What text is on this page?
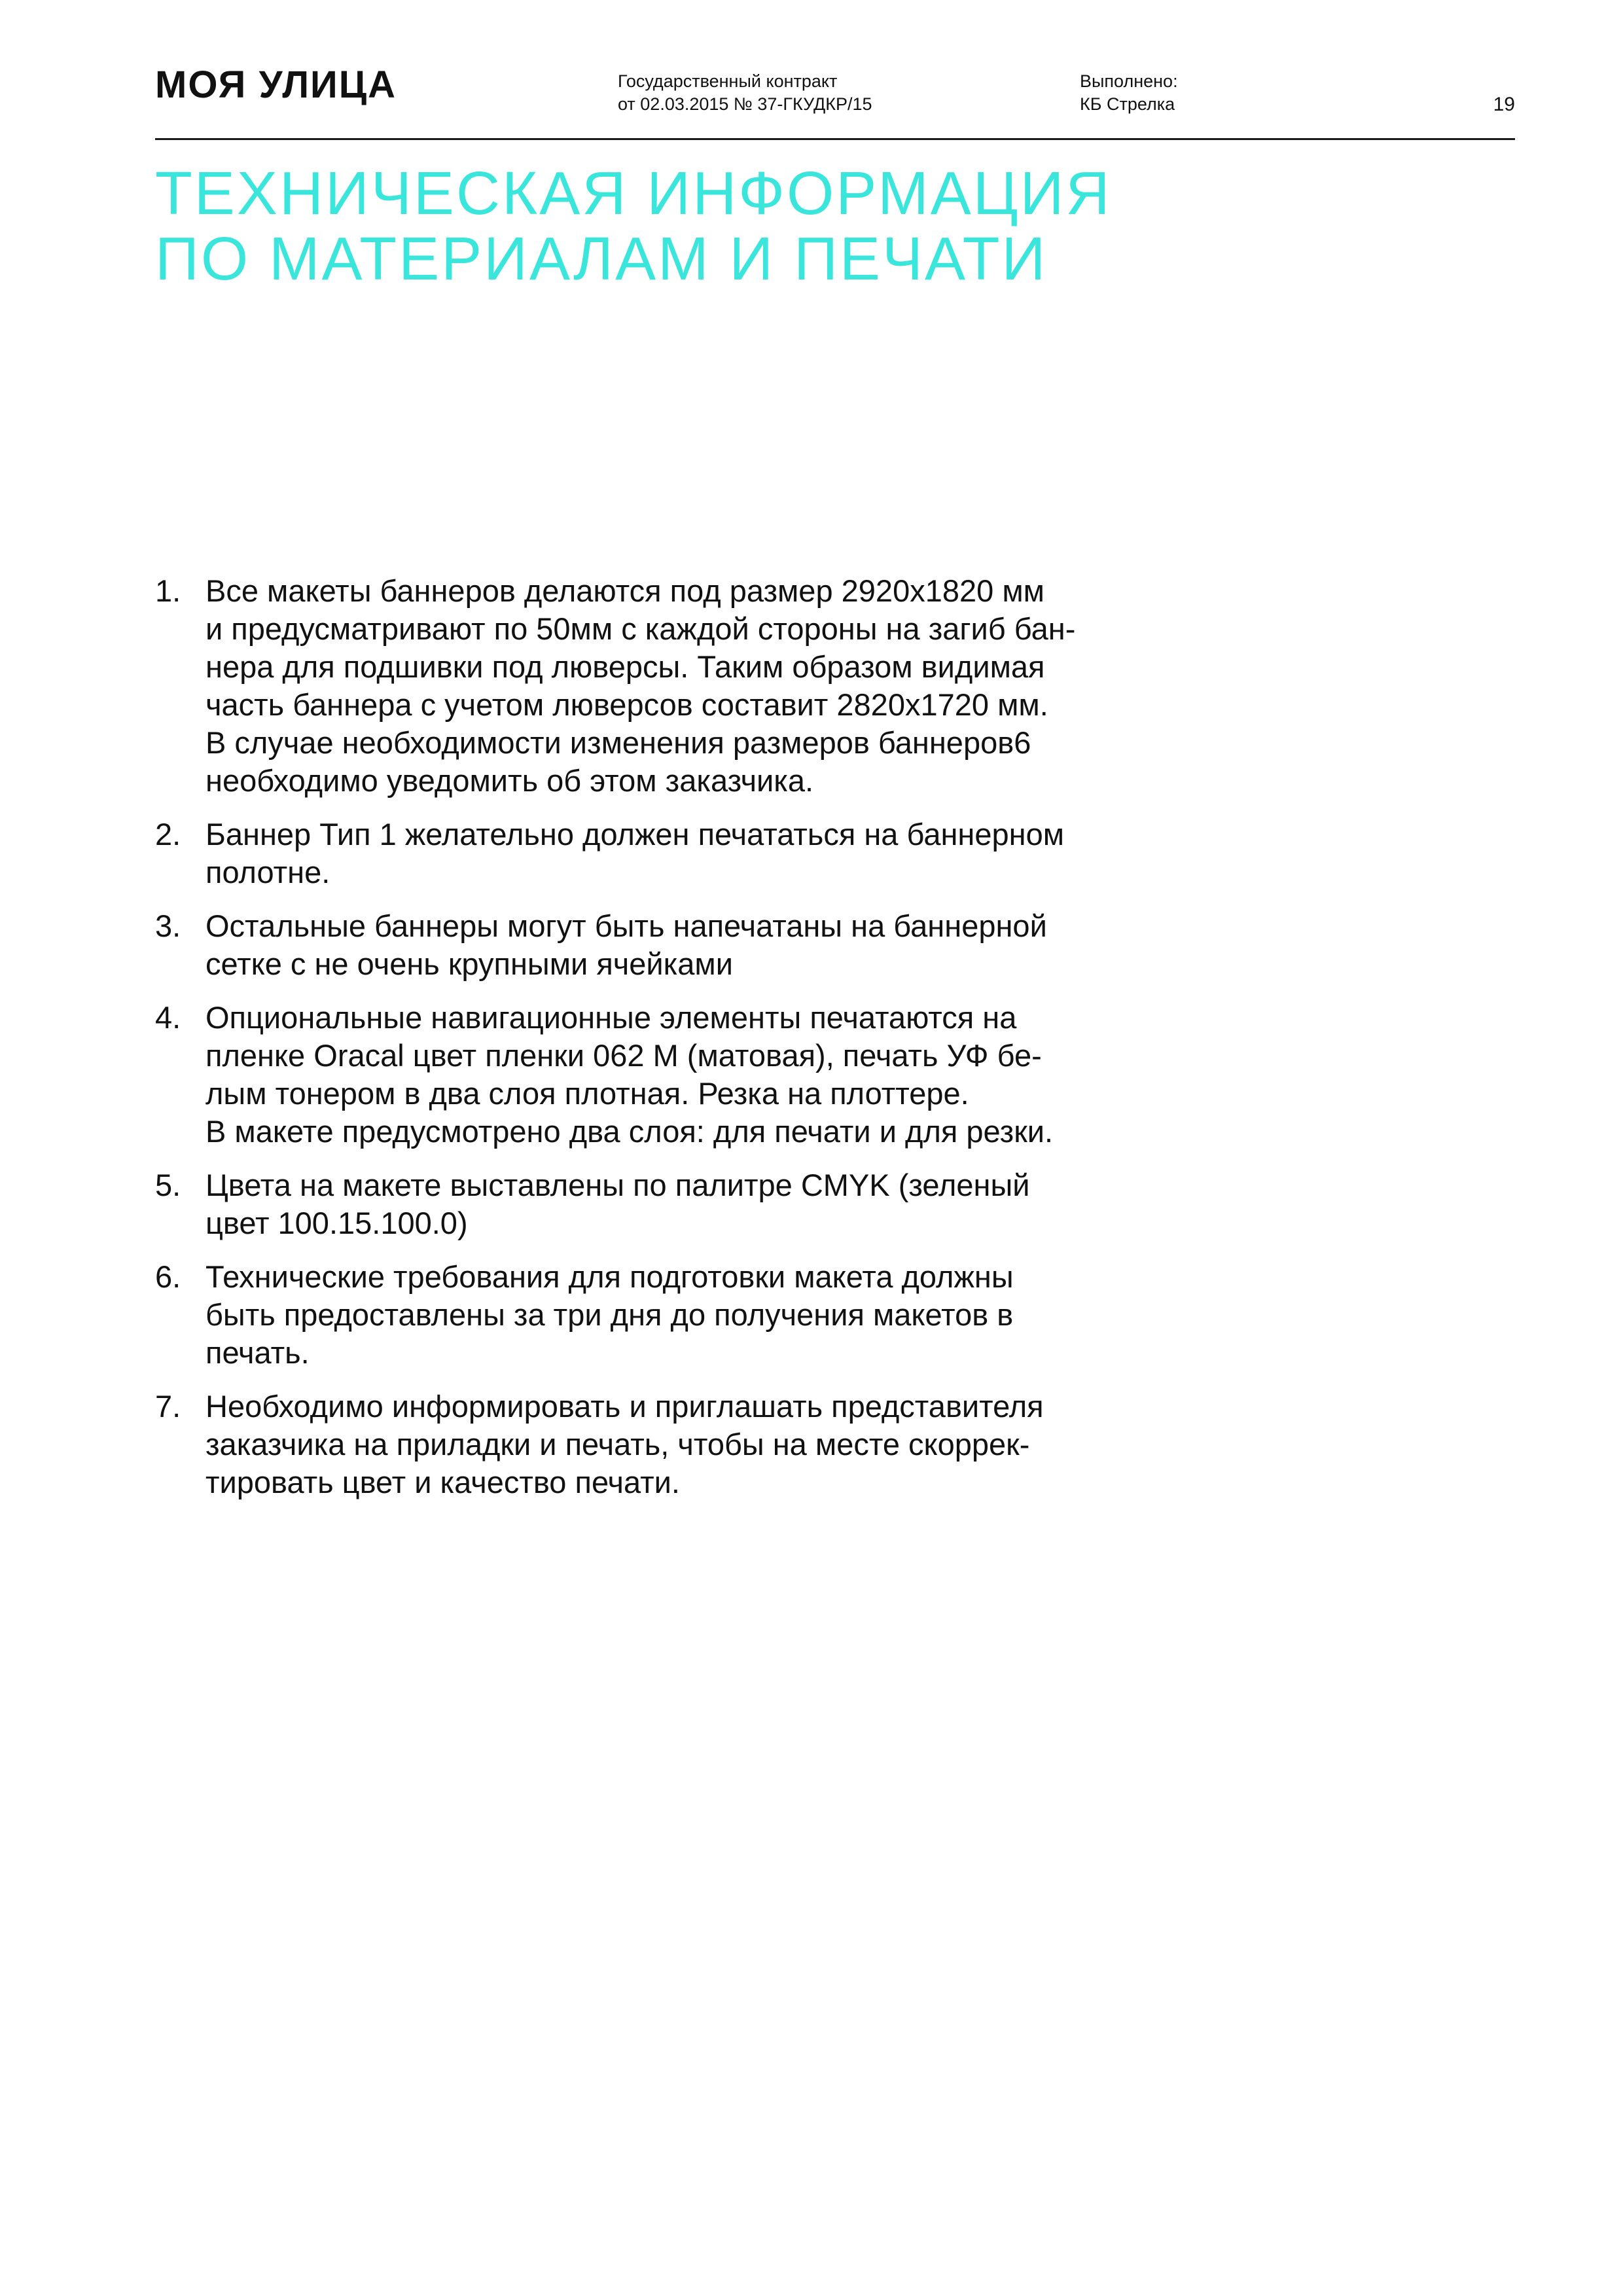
МОЯ УЛИЦА	Государственный контракт
от 02.03.2015 № 37-ГКУДКР/15
Выполнено:
КБ Стрелка	19
ТЕХНИЧЕСКАЯ ИНФОРМАЦИЯ
ПО МАТЕРИАЛАМ И ПЕЧАТИ
1. Все макеты баннеров делаются под размер 2920х1820 мм
и предусматривают по 50мм с каждой стороны на загиб бан-
нера для подшивки под люверсы. Таким образом видимая
часть баннера с учетом люверсов составит 2820х1720 мм.
В случае необходимости изменения размеров баннеров6
необходимо уведомить об этом заказчика.
2. Баннер Тип 1 желательно должен печататься на баннерном
полотне.
3. Остальные баннеры могут быть напечатаны на баннерной
сетке с не очень крупными ячейками
4. Опциональные навигационные элементы печатаются на
пленке Oracal цвет пленки 062 М (матовая), печать УФ бе-
лым тонером в два слоя плотная. Резка на плоттере.
В макете предусмотрено два слоя: для печати и для резки.
5. Цвета на макете выставлены по палитре CMYK (зеленый
цвет 100.15.100.0)
6. Технические требования для подготовки макета должны
быть предоставлены за три дня до получения макетов в
печать.
7. Необходимо информировать и приглашать представителя
заказчика на приладки и печать, чтобы на месте скоррек-
тировать цвет и качество печати.
